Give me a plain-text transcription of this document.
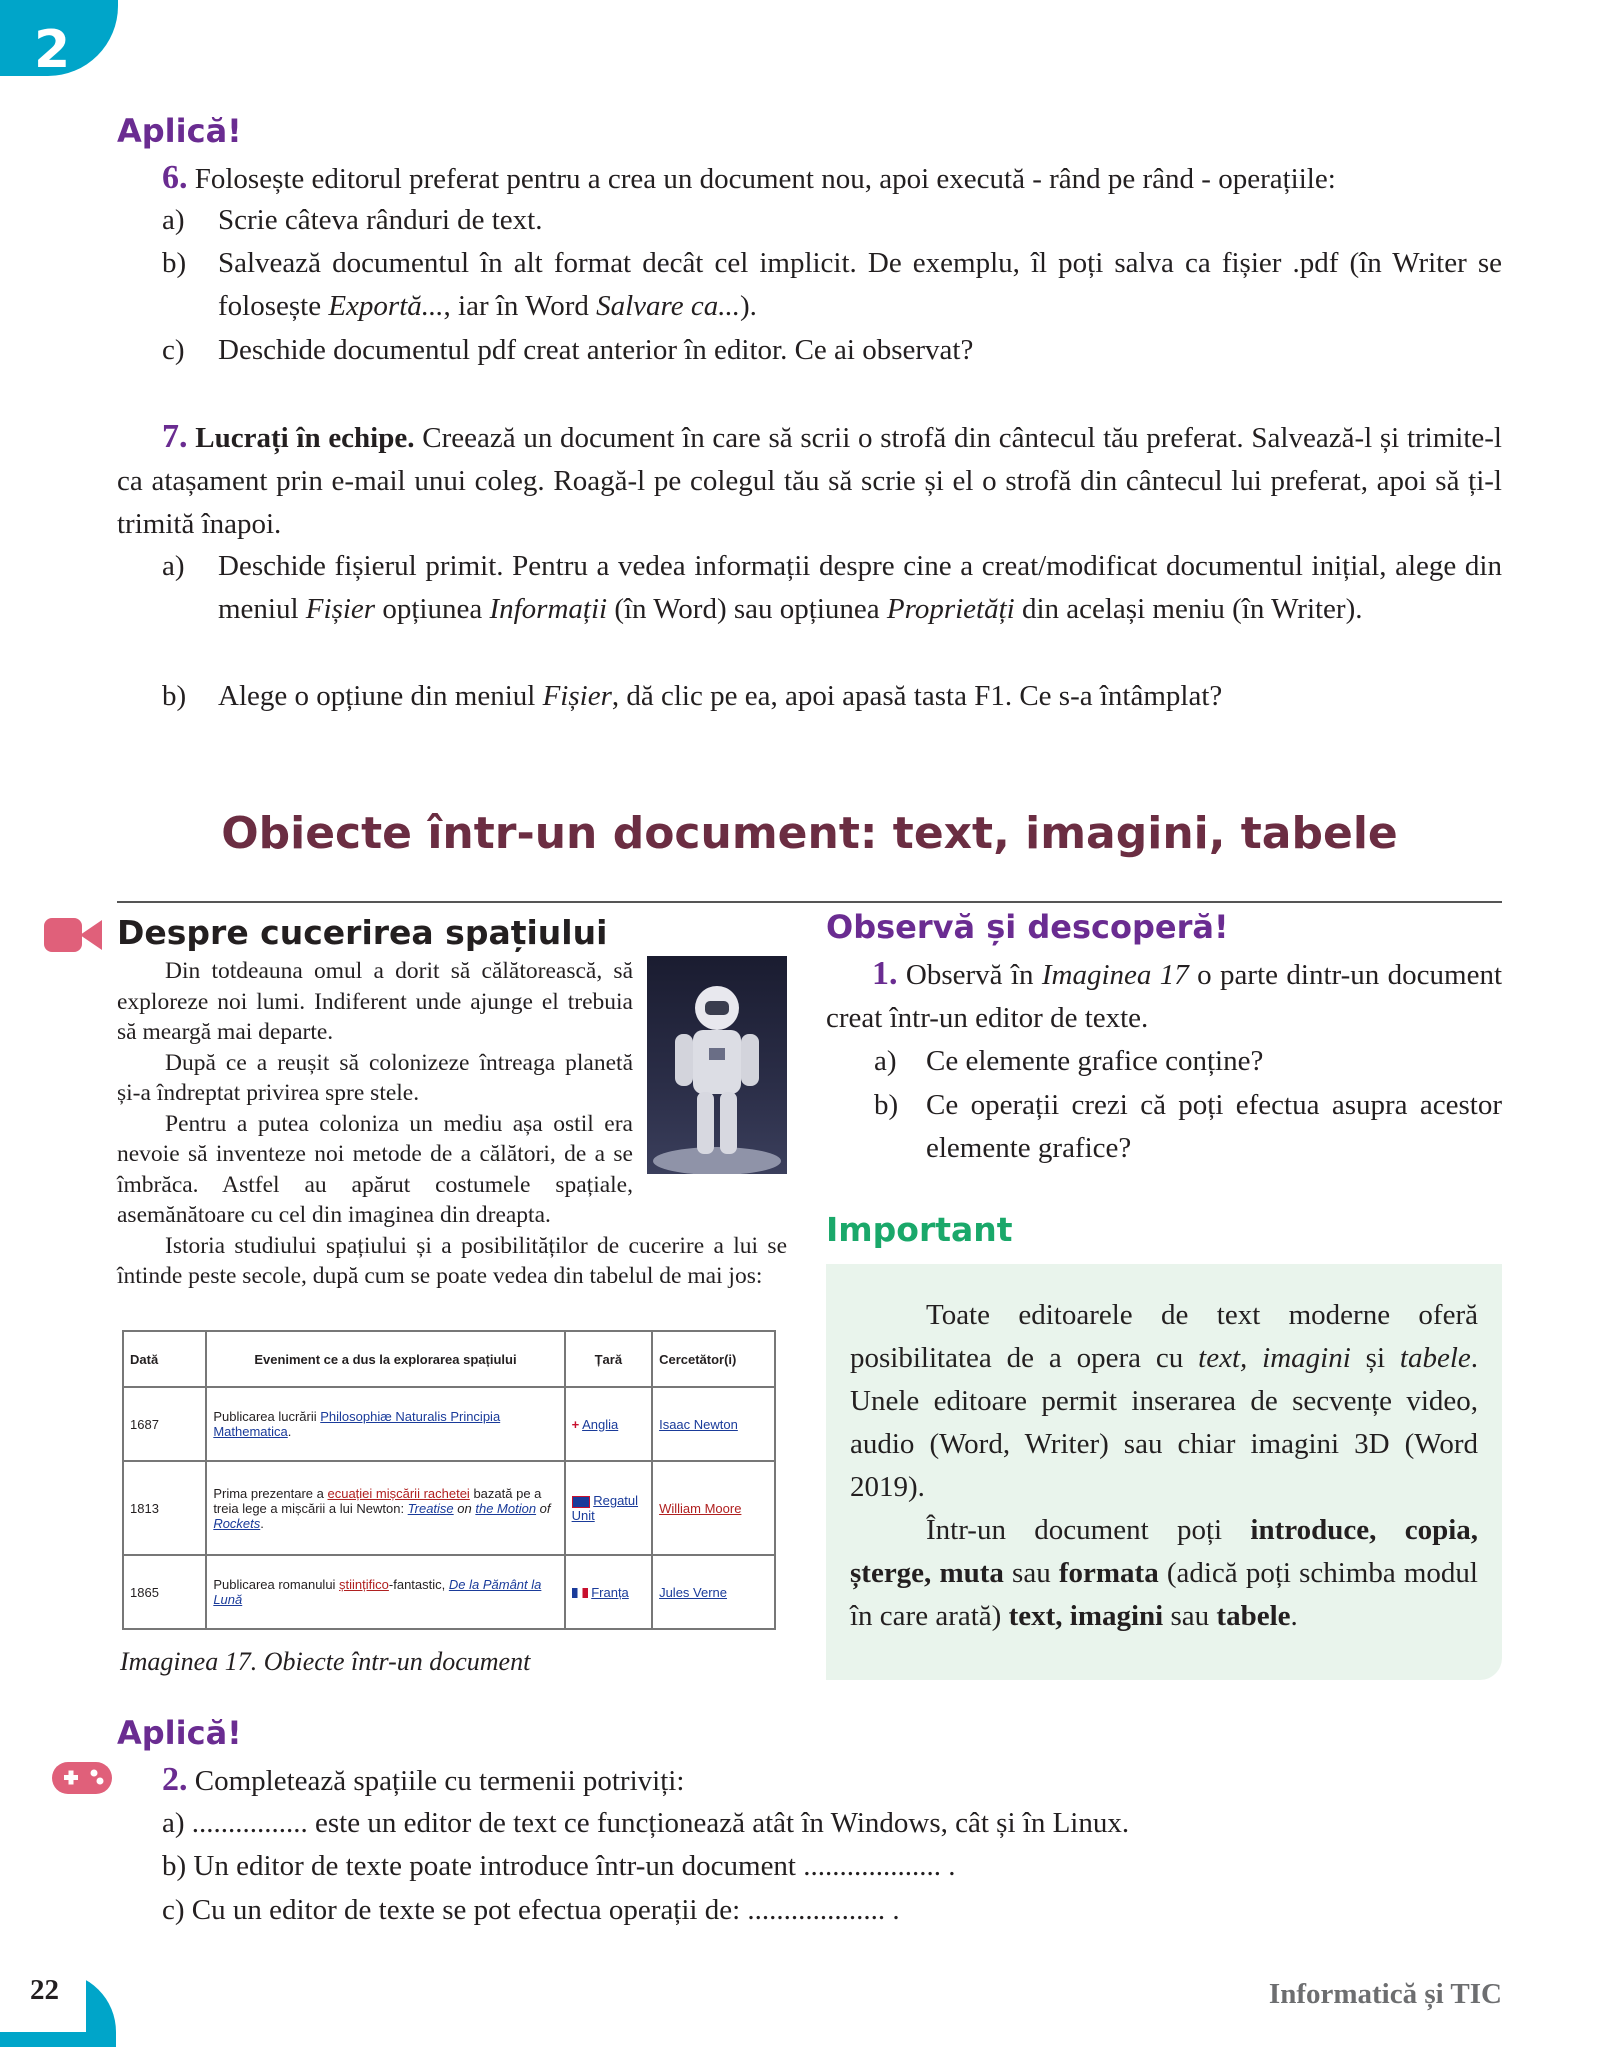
2
Aplică!
6. Folosește editorul preferat pentru a crea un document nou, apoi execută - rând pe rând - operațiile:
a)	Scrie câteva rânduri de text.
b)	Salvează documentul în alt format decât cel implicit. De exemplu, îl poți salva ca fișier .pdf (în Writer se folosește Exportă..., iar în Word Salvare ca...).
c)	Deschide documentul pdf creat anterior în editor. Ce ai observat?
7. Lucrați în echipe. Creează un document în care să scrii o strofă din cântecul tău preferat. Salvează-l și trimite-l ca atașament prin e-mail unui coleg. Roagă-l pe colegul tău să scrie și el o strofă din cântecul lui preferat, apoi să ți-l trimită înapoi.
a)	Deschide fișierul primit. Pentru a vedea informații despre cine a creat/modificat documentul inițial, alege din meniul Fișier opțiunea Informații (în Word) sau opțiunea Proprietăți din același meniu (în Writer).
b)	Alege o opțiune din meniul Fișier, dă clic pe ea, apoi apasă tasta F1. Ce s-a întâmplat?
Obiecte într-un document: text, imagini, tabele
Despre cucerirea spațiului
Din totdeauna omul a dorit să călătorească, să exploreze noi lumi. Indiferent unde ajunge el trebuia să meargă mai departe.
După ce a reușit să colonizeze întreaga planetă și-a îndreptat privirea spre stele.
Pentru a putea coloniza un mediu așa ostil era nevoie să inventeze noi metode de a călători, de a se îmbrăca. Astfel au apărut costumele spațiale, asemănătoare cu cel din imaginea din dreapta.
Istoria studiului spațiului și a posibilităților de cucerire a lui se întinde peste secole, după cum se poate vedea din tabelul de mai jos:
Dată	Eveniment ce a dus la explorarea spațiului	Țară	Cercetător(i)
1687	Publicarea lucrării Philosophiæ Naturalis Principia Mathematica.	+ Anglia	Isaac Newton
1813	Prima prezentare a ecuației mișcării rachetei bazată pe a treia lege a mișcării a lui Newton: Treatise on the Motion of Rockets.	Regatul Unit	William Moore
1865	Publicarea romanului științifico-fantastic, De la Pământ la Lună	Franța	Jules Verne
Imaginea 17. Obiecte într-un document
Observă și descoperă!
1. Observă în Imaginea 17 o parte dintr-un document creat într-un editor de texte.
a) Ce elemente grafice conține?
b) Ce operații crezi că poți efectua asupra acestor elemente grafice?
Important
Toate editoarele de text moderne oferă posibilitatea de a opera cu text, imagini și tabele. Unele editoare permit inserarea de secvențe video, audio (Word, Writer) sau chiar imagini 3D (Word 2019).
Într-un document poți introduce, copia, șterge, muta sau formata (adică poți schimba modul în care arată) text, imagini sau tabele.
Aplică!
2. Completează spațiile cu termenii potriviți:
a) ................ este un editor de text ce funcționează atât în Windows, cât și în Linux.
b) Un editor de texte poate introduce într-un document ................... .
c) Cu un editor de texte se pot efectua operații de: ................... .
22	Informatică și TIC
